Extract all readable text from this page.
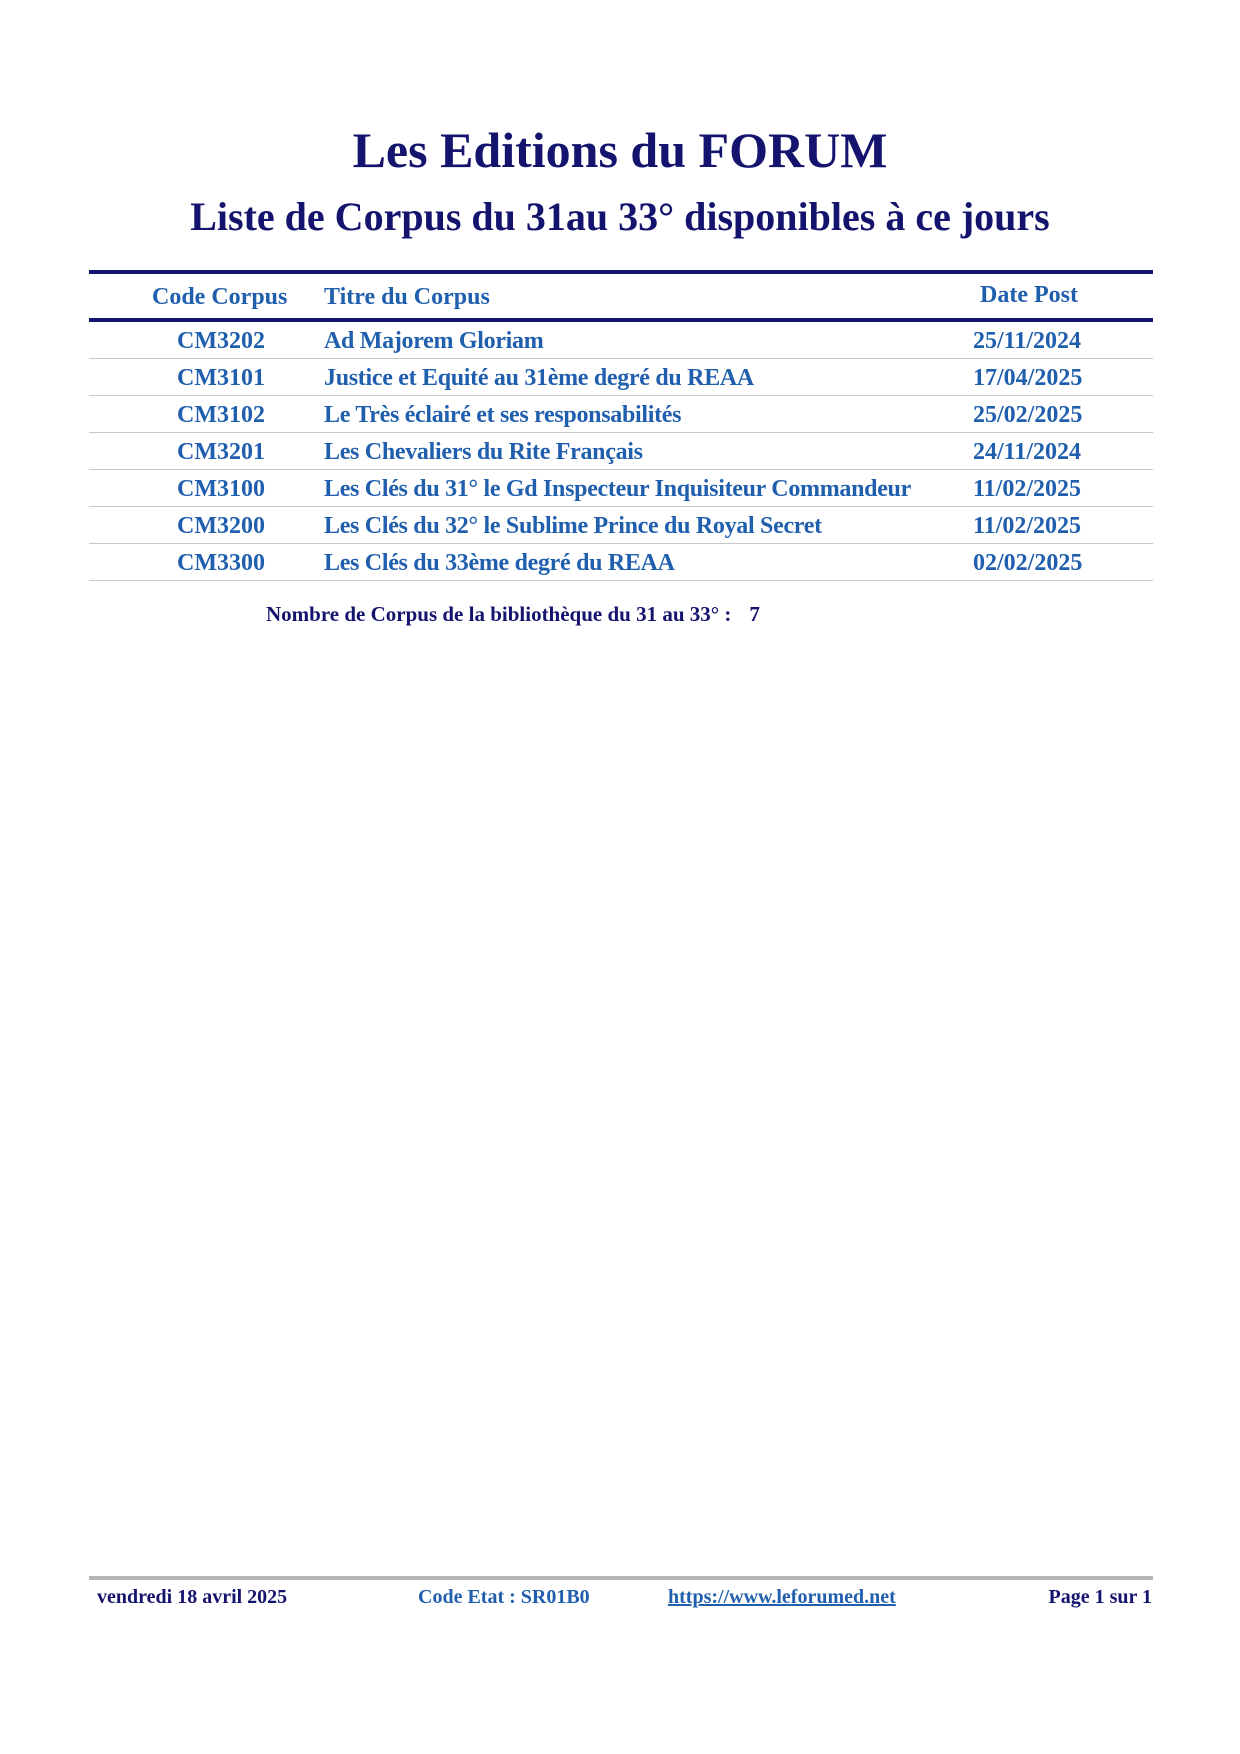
Les Editions du FORUM
Liste de Corpus du 31au 33° disponibles à ce jours
Code Corpus Titre du Corpus	Date Post
CM3202 Ad Majorem Gloriam	25/11/2024
CM3101 Justice et Equité au 31ème degré du REAA	17/04/2025
CM3102 Le Très éclairé et ses responsabilités	25/02/2025
CM3201 Les Chevaliers du Rite Français	24/11/2024
CM3100 Les Clés du 31° le Gd Inspecteur Inquisiteur Commandeur	11/02/2025
CM3200 Les Clés du 32° le Sublime Prince du Royal Secret	11/02/2025
CM3300 Les Clés du 33ème degré du REAA	02/02/2025
Nombre de Corpus de la bibliothèque du 31 au 33° : 7
vendredi 18 avril 2025	Code Etat : SR01B0	https://www.leforumed.net	Page 1 sur 1
